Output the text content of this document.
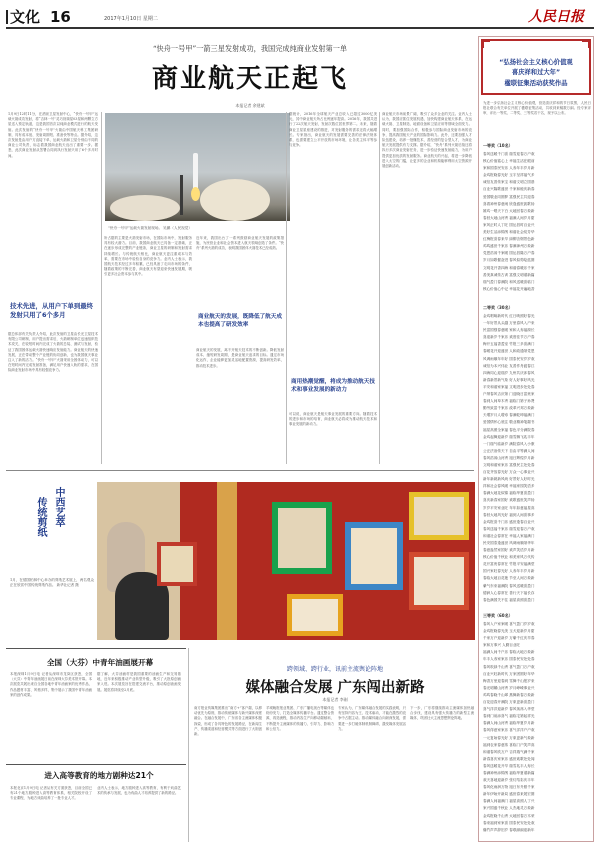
文化 16	2017年1月10日 星期二	人民日报
“快舟一号甲”一箭三星发射成功，我国完成纯商业发射第一单
商业航天正起飞
本报记者 余建斌
1月9日12时11分，在酒泉卫星发射中心，“快舟一号甲”运载火箭成功发射，将“吉林一号”灵巧视频星03星和两颗立方星送入预定轨道，这是我国首次以纯商业模式进行的航天发射。此次发射的“快舟一号甲”火箭由中国航天科工集团研制，具有成本低、发射周期短、准备快等特点。据介绍，这次发射是由用户方直接下单，运载火箭和卫星分别由不同的商业公司负责，标志着我国商业航天迈出了重要一步。据悉，此次商业发射从签署合同到执行发射只用了6个多月时间。
技术先进，从用户下单到最终发射只用了6个多月
据总体部有关负责人介绍，此次发射的卫星由长光卫星技术有限公司研制，用户提出需求后，火箭研制单位迅速组织技术攻关，在较短时间内完成了火箭的总装、测试与发射，验证了我国固体运载火箭快速响应发射能力。商业航天的快速发展，正在带动整个产业链的协同创新，也为我国航天事业注入了新的活力。“快舟一号甲”火箭采用全固体动力，可以在短时间内完成发射准备，满足用户快速入轨的需求，在国际商业发射市场中具有较强竞争力。
“快舟一号甲”运载火箭发射现场。 吴鹏（人民视觉）
所占据的主要是火箭发射市场，在国际市场中，发射服务具有较大潜力。目前，我国商业航天已具备一定基础，正在逐步形成完整的产业链条，商业卫星的研制和发射需求持续增长。与传统航天相比，商业航天更注重成本与效率，需要在市场中检验自身的竞争力。业内人士表示，我国航天技术经过多年积累，已经具备了走向市场的条件，随着政策的不断完善，商业航天有望迎来快速发展期，吸引更多社会资本参与其中。
近年来，我国出台了一系列鼓励商业航天发展的政策措施，为民营企业和社会资本进入航天领域创造了条件。“快舟”系列火箭的成功，表明我国固体火箭技术已经成熟。
商业航天的发展，既降低了航天成本也提高了研发效率
商业航天的发展，离不开航天技术的不断创新。降低发射成本、缩短研发周期，是商业航天追求的目标。通过市场化运作，企业能够更加灵活地配置资源，提高研发效率，推动技术进步。
据统计，2016年全球航天产业总收入已超过3000亿美元，其中商业航天所占比例逐年提高。2016年，我国共进行了22次航天发射，发射次数位居世界第二。未来，随着商业卫星星座建设的推进，对发射服务的需求还将大幅增长。专家指出，商业航天的发展需要完善的法律法规体系，也需要建立公平开放的市场环境，让各类主体平等参与竞争。
商用热潮觉醒，将成为推动航天技术和事业发展的新动力
可以说，商业航天是航天事业发展的重要方向。随着技术的进步和市场的培育，商业航天必将成为推动航天技术和事业发展的新动力。
商业航天市场前景广阔，吸引了众多企业的关注。业内人士认为，我国应抓住发展机遇，加快构建商业航天体系，在运载火箭、卫星制造、地面设备和卫星应用等领域全面发力。同时，要加强国际合作，积极参与国际商业发射市场的竞争，提高我国航天产业的国际影响力。此外，还要加强人才队伍建设，培养一批懂技术、善经营的复合型人才，为商业航天发展提供有力支撑。据介绍，“快舟”系列火箭后续还将执行多次商业发射任务，进一步验证快速发射能力，为用户提供更加优质的发射服务。商业航天的兴起，将进一步降低进入太空的门槛，让更多的企业和机构能够利用太空资源开展创新活动。
中西艺萃
传统剪纸
1月，在德国柏林中心举办的剪纸艺术展上，两名观众正在欣赏中国传统剪纸作品。 新华社记者 摄
全国（大芬）中青年油画展开幕
本报深圳1月9日电 记者从深圳市龙岗区获悉，全国（大芬）中青年油画展日前在深圳大芬美术馆开幕。本次展览共展出来自全国各地中青年油画家的优秀作品，作品题材丰富、风格多样，集中展示了我国中青年油画家的创作成果。
据了解，大芬油画村是我国重要的油画生产和交易基地，近年来积极推动产业转型升级，吸引了大批原创画家入驻。本次展览旨在搭建交流平台，推动原创油画发展。展览将持续至2月底。
进入高等教育的地方剧种达21个
本报北京1月9日电 记者从有关方面获悉，目前全国已有21个地方剧种进入高等教育体系，相关院校开设了专业课程，为地方戏曲培养了一批专业人才。
业内人士表示，地方剧种进入高等教育，有利于戏曲艺术的传承与发展，也为戏曲人才培养提供了新的路径。
跨领域、跨行业，讯前主流舆论阵地
媒体融合发展 广东闯出新路
本报记者 李刚
南方报业传媒集团推出“南方+”客户端，以移动优先为原则，推动传统媒体与新兴媒体深度融合。在融合发展中，广东省各主流媒体积极探索，形成了各具特色的发展路径，在新闻生产、传播渠道和经营模式等方面进行了大胆创新。
羊城晚报报业集团、广东广播电视台等媒体也纷纷发力，打造全媒体传播平台。通过整合资源、再造流程，推动内容生产向移动端倾斜，不断提升主流媒体的传播力、引导力、影响力和公信力。
专家认为，广东媒体融合发展的实践表明，只有坚持内容为王、技术驱动，才能在激烈的竞争中占据主动。推动媒体融合向纵深发展，需要进一步打破体制机制障碍，激发媒体发展活力。
下一步，广东将继续推动主流媒体加快融合步伐，建设具有强大传播力的新型主流媒体，巩固壮大主流思想舆论阵地。
“弘扬社会主义核心价值观
喜庆祥和过大年”
楹联征集活动获奖作品
为进一步弘扬社会主义核心价值观，营造喜庆祥和的节日氛围，人民日报社联合有关单位开展了楹联征集活动，共收到来稿数万副。经专家评审，评出一等奖、二等奖、三等奖若干名，现予以公布。
一等奖（10名）
春风送暖千门喜 瑞雪迎春万户欢
核心价值铭心上 幸福生活在眼前
家和国泰民安乐 人寿年丰岁月新
金鸡报晓春光好 玉宇呈祥福气多
诚信友善传家宝 和谐文明立国基
百业兴隆歌盛世 千家和睦庆新春
爱国敬业同圆梦 富强民主共迎春
喜看神州春意闹 欣逢盛世凯歌扬
雄鸡一唱天下白 大地回春万象新
春回大地山河秀 福满人间岁月甜
家风正时人丁旺 国运昌时百业兴
美好生活添锦绣 和谐社会绽芳华
红梅报喜春来早 绿柳含烟景色新
鸡鸣盛世千家乐 春满神州万象新
党恩浩荡千家暖 国运昌隆万户春
岁月如歌催奋进 春风似剪绘蓝图
文明花开香四海 和谐春暖乐千家
善美真诚传古训 富强文明谱新篇
瑞气盈门春满院 和风送暖喜临门
核心价值心中记 幸福花开遍地香
二等奖（30名）
金鸡唱响新时代 红日映照好春光
一年好景从头越 万里春风入户来
民富国强春意暖 家和人寿福源长
喜迎新岁千家乐 欢度佳节万户春
梅开五福香盈室 竹报三多喜满门
春暖花开迎盛世 人和政通颂党恩
风调雨顺年年好 国泰民安岁岁欢
诚信为本兴伟业 友善作舟渡春江
四海同心迎瑞岁 九州共庆沐春风
新春新景新气象 好人好事好风光
平安和谐家家福 文明进步处处春
户纳春风吉庆第 门迎晓日富贵家
春到人间草木秀 福临门第子孙贤
勤劳致富千家乐 改革兴邦万象新
天增岁月人增寿 春满乾坤福满门
爱国情怀心底注 敬业精神笔端书
福星高照全家福 春色平分满院春
金鸡起舞迎新岁 瑞雪飘飞兆丰年
一门瑞气临新岁 满院春风入小康
公正法治传天下 自由平等满人间
春风浩荡山河秀 旭日辉煌岁月新
文明和谐家家乐 富强民主处处春
百花齐放春光好 万众一心事业兴
新年新貌新风尚 好景好人好时光
祥和社会春风暖 幸福家园笑语多
春满大地花似锦 福临华夏喜盈门
喜庆新春家国好 欢歌盛世笑声扬
岁岁平安家业旺 年年如意福星高
春回大地风光好 福到人间喜事多
金鸡报喜千门乐 盛世逢春百业兴
春风送福千家乐 瑞雪迎春万户欢
和谐社会春常在 幸福人家福满门
民安国泰逢盛世 风调雨顺颂华年
春意盎然家国好 欢声笑语岁月新
核心价值千秋业 和美家风万代传
花开富贵春常在 竹报平安福满堂
国兴家旺春光好 人寿年丰岁月新
春临大地百花艳 节至人间万象新
紫气东来福满院 春风送暖喜盈门
德润人心春常在 善行天下福长存
春色满园关不住 福星高照喜盈门
三等奖（60名）
春风入户家家暖 喜气盈门岁岁欢
金鸡报晓春光美 玉犬迎新岁月甜
千家万户迎新岁 万紫千红庆早春
家和万事兴 人勤百业旺
福满人间千户乐 春临大地万象新
年丰人寿家家乐 国泰民安处处春
春风吹绿千山秀 喜气盈门万户欢
百业兴旺新时代 万家团圆好年华
梅香万里迎春到 雪舞千山报岁来
春光明媚山河秀 岁月峥嵘事业兴
鸡鸣春晓千山翠 燕舞新春万象新
百花迎春开满院 万象更新喜盈门
喜气洋洋迎新岁 春风荡荡入华堂
春到门前添喜气 福临宅第起祥光
春满人间山河秀 福临华夏岁月新
春风得意家家乐 喜气洋洋户户欢
一元复始春光好 万象更新气象新
福到农家春意浓 喜临门户笑声高
和谐春风吹万户 吉祥瑞气满千家
新春喜庆家家乐 盛世欢歌处处闻
春风送暖花开早 瑞雪兆丰人寿长
春满神州添锦绣 福临华夏谱新篇
欢天喜地迎新岁 张灯结彩庆丰年
春风化雨润万物 旭日东升照千家
新年伊始开新局 盛世春来展宏图
春满人间福满门 福星高照人丁兴
家兴国盛千秋业 人杰地灵万象新
金鸡报晓千山秀 大地回春万木荣
春来福到家家喜 国泰民安处处欢
爆竹声声辞旧岁 春联副副迎新年
